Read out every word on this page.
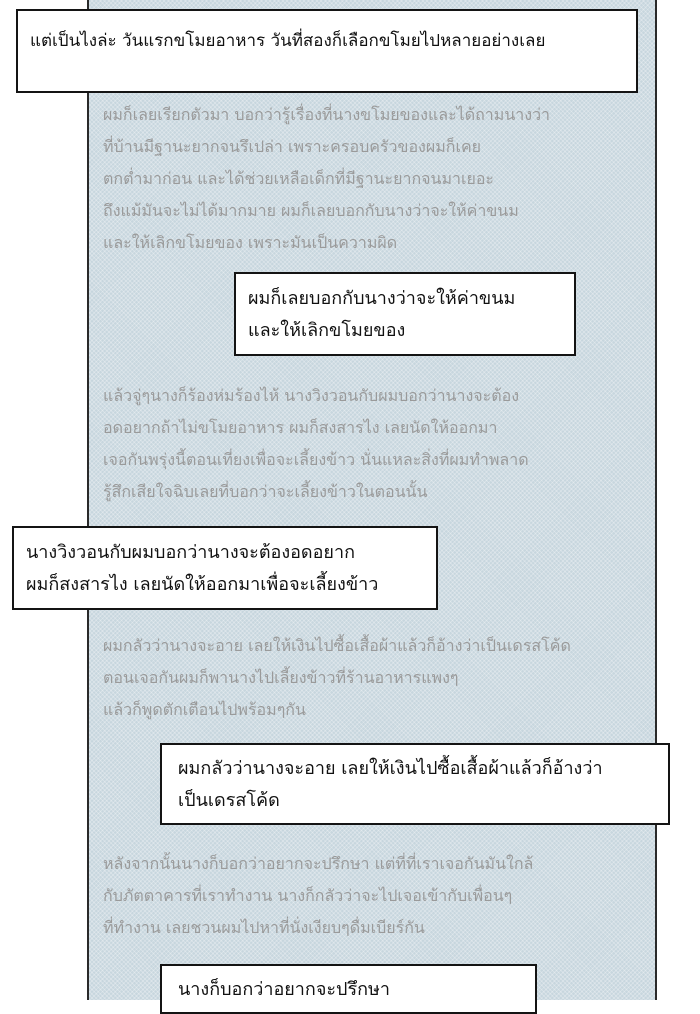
แต่เป็นไงล่ะ วันแรกขโมยอาหาร วันที่สองก็เลือกขโมยไปหลายอย่างเลย
ผมก็เลยเรียกตัวมา บอกว่ารู้เรื่องที่นางขโมยของและได้ถามนางว่า
ที่บ้านมีฐานะยากจนรึเปล่า เพราะครอบครัวของผมก็เคย
ตกต่ำมาก่อน และได้ช่วยเหลือเด็กที่มีฐานะยากจนมาเยอะ
ถึงแม้มันจะไม่ได้มากมาย ผมก็เลยบอกกับนางว่าจะให้ค่าขนม
และให้เลิกขโมยของ เพราะมันเป็นความผิด
ผมก็เลยบอกกับนางว่าจะให้ค่าขนม
และให้เลิกขโมยของ
แล้วจู่ๆนางก็ร้องห่มร้องไห้ นางวิงวอนกับผมบอกว่านางจะต้อง
อดอยากถ้าไม่ขโมยอาหาร ผมก็สงสารไง เลยนัดให้ออกมา
เจอกันพรุ่งนี้ตอนเที่ยงเพื่อจะเลี้ยงข้าว นั่นแหละสิ่งที่ผมทำพลาด
รู้สึกเสียใจฉิบเลยที่บอกว่าจะเลี้ยงข้าวในตอนนั้น
นางวิงวอนกับผมบอกว่านางจะต้องอดอยาก
ผมก็สงสารไง เลยนัดให้ออกมาเพื่อจะเลี้ยงข้าว
ผมกลัวว่านางจะอาย เลยให้เงินไปซื้อเสื้อผ้าแล้วก็อ้างว่าเป็นเดรสโค้ด
ตอนเจอกันผมก็พานางไปเลี้ยงข้าวที่ร้านอาหารแพงๆ
แล้วก็พูดตักเตือนไปพร้อมๆกัน
ผมกลัวว่านางจะอาย เลยให้เงินไปซื้อเสื้อผ้าแล้วก็อ้างว่า
เป็นเดรสโค้ด
หลังจากนั้นนางก็บอกว่าอยากจะปรึกษา แต่ที่ที่เราเจอกันมันใกล้
กับภัตตาคารที่เราทำงาน นางก็กลัวว่าจะไปเจอเข้ากับเพื่อนๆ
ที่ทำงาน เลยชวนผมไปหาที่นั่งเงียบๆดื่มเบียร์กัน
นางก็บอกว่าอยากจะปรึกษา
